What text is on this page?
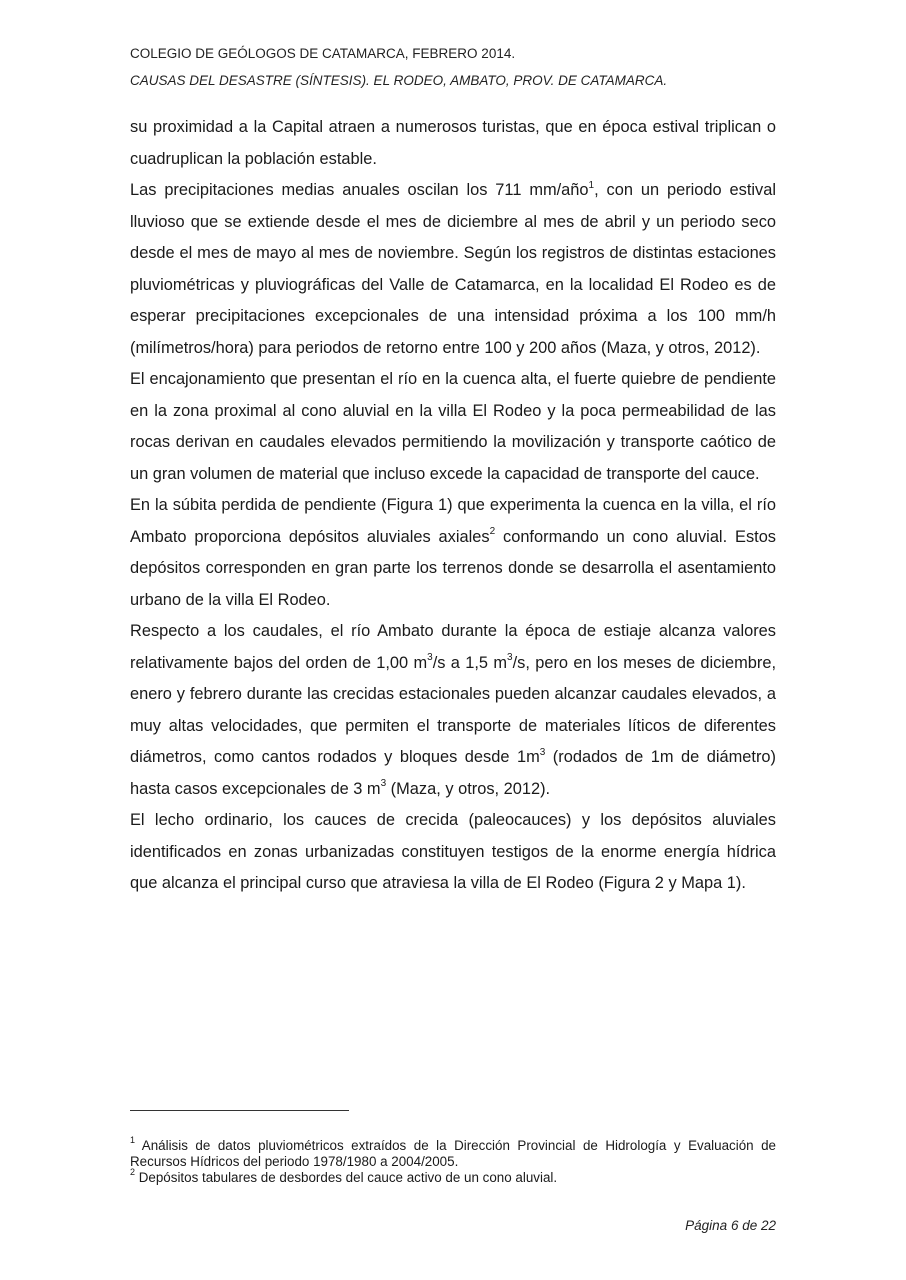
COLEGIO DE GEÓLOGOS DE CATAMARCA, FEBRERO 2014.
CAUSAS DEL DESASTRE (SÍNTESIS). EL RODEO, AMBATO, PROV. DE CATAMARCA.

su proximidad a la Capital atraen a numerosos turistas, que en época estival triplican o cuadruplican la población estable.

Las precipitaciones medias anuales oscilan los 711 mm/año$^1$, con un periodo estival lluvioso que se extiende desde el mes de diciembre al mes de abril y un periodo seco desde el mes de mayo al mes de noviembre. Según los registros de distintas estaciones pluviométricas y pluviográficas del Valle de Catamarca, en la localidad El Rodeo es de esperar precipitaciones excepcionales de una intensidad próxima a los 100 mm/h (milímetros/hora) para periodos de retorno entre 100 y 200 años (Maza, y otros, 2012).

El encajonamiento que presentan el río en la cuenca alta, el fuerte quiebre de pendiente en la zona proximal al cono aluvial en la villa El Rodeo y la poca permeabilidad de las rocas derivan en caudales elevados permitiendo la movilización y transporte caótico de un gran volumen de material que incluso excede la capacidad de transporte del cauce.

En la súbita perdida de pendiente (Figura 1) que experimenta la cuenca en la villa, el río Ambato proporciona depósitos aluviales axiales$^2$ conformando un cono aluvial. Estos depósitos corresponden en gran parte los terrenos donde se desarrolla el asentamiento urbano de la villa El Rodeo.

Respecto a los caudales, el río Ambato durante la época de estiaje alcanza valores relativamente bajos del orden de 1,00 $m^3/s$ a 1,5 $m^3/s$, pero en los meses de diciembre, enero y febrero durante las crecidas estacionales pueden alcanzar caudales elevados, a muy altas velocidades, que permiten el transporte de materiales líticos de diferentes diámetros, como cantos rodados y bloques desde $1m^3$ (rodados de 1m de diámetro) hasta casos excepcionales de 3 $m^3$ (Maza, y otros, 2012).

El lecho ordinario, los cauces de crecida (paleocauces) y los depósitos aluviales identificados en zonas urbanizadas constituyen testigos de la enorme energía hídrica que alcanza el principal curso que atraviesa la villa de El Rodeo (Figura 2 y Mapa 1).

$^1$ Análisis de datos pluviométricos extraídos de la Dirección Provincial de Hidrología y Evaluación de Recursos Hídricos del periodo 1978/1980 a 2004/2005.

$^2$ Depósitos tabulares de desbordes del cauce activo de un cono aluvial.

Página 6 de 22
